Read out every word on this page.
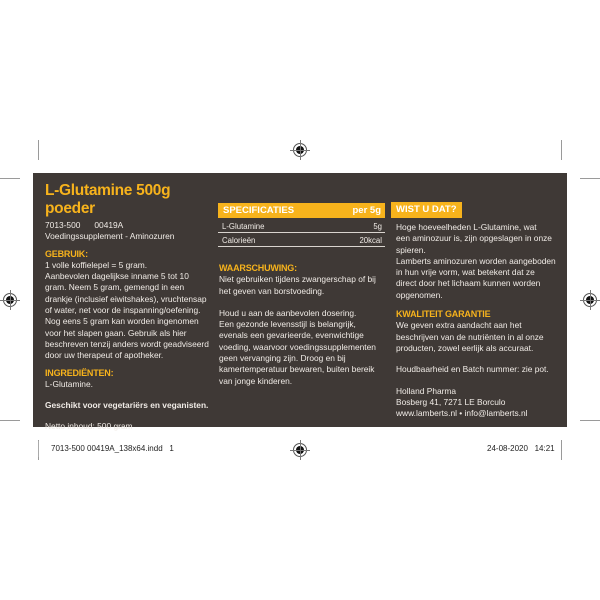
L-Glutamine 500g poeder

7013-500 00419A

Voedingssupplement - Aminozuren

GEBRUIK:

1 volle koffielepel = 5 gram.

Aanbevolen dagelijkse inname 5 tot 10

gram. Neem 5 gram, gemengd in een

drankje (inclusief eiwitshakes), vruchtensap

of water, net voor de inspanning/oefening.

Nog eens 5 gram kan worden ingenomen

voor het slapen gaan. Gebruik als hier

beschreven tenzij anders wordt geadviseerd

door uw therapeut of apotheker.

INGREDIËNTEN:

L-Glutamine.

Geschikt voor vegetariërs en veganisten.

Netto inhoud: 500 gram

SPECIFICATIES	per 5g
L-Glutamine	5g
Calorieën	20kcal
WAARSCHUWING:

Niet gebruiken tijdens zwangerschap of bij

het geven van borstvoeding.

Houd u aan de aanbevolen dosering.

Een gezonde levensstijl is belangrijk,

evenals een gevarieerde, evenwichtige

voeding, waarvoor voedingssupplementen

geen vervanging zijn. Droog en bij

kamertemperatuur bewaren, buiten bereik

van jonge kinderen.

WIST U DAT?

Hoge hoeveelheden L-Glutamine, wat

een aminozuur is, zijn opgeslagen in onze

spieren.

Lamberts aminozuren worden aangeboden

in hun vrije vorm, wat betekent dat ze

direct door het lichaam kunnen worden

opgenomen.

KWALITEIT GARANTIE

We geven extra aandacht aan het

beschrijven van de nutriënten in al onze

producten, zowel eerlijk als accuraat.

Houdbaarheid en Batch nummer: zie pot.

Holland Pharma

Bosberg 41, 7271 LE Borculo

www.lamberts.nl • info@lamberts.nl

7013-500 00419A_138x64.indd   1	24-08-2020 14:21
